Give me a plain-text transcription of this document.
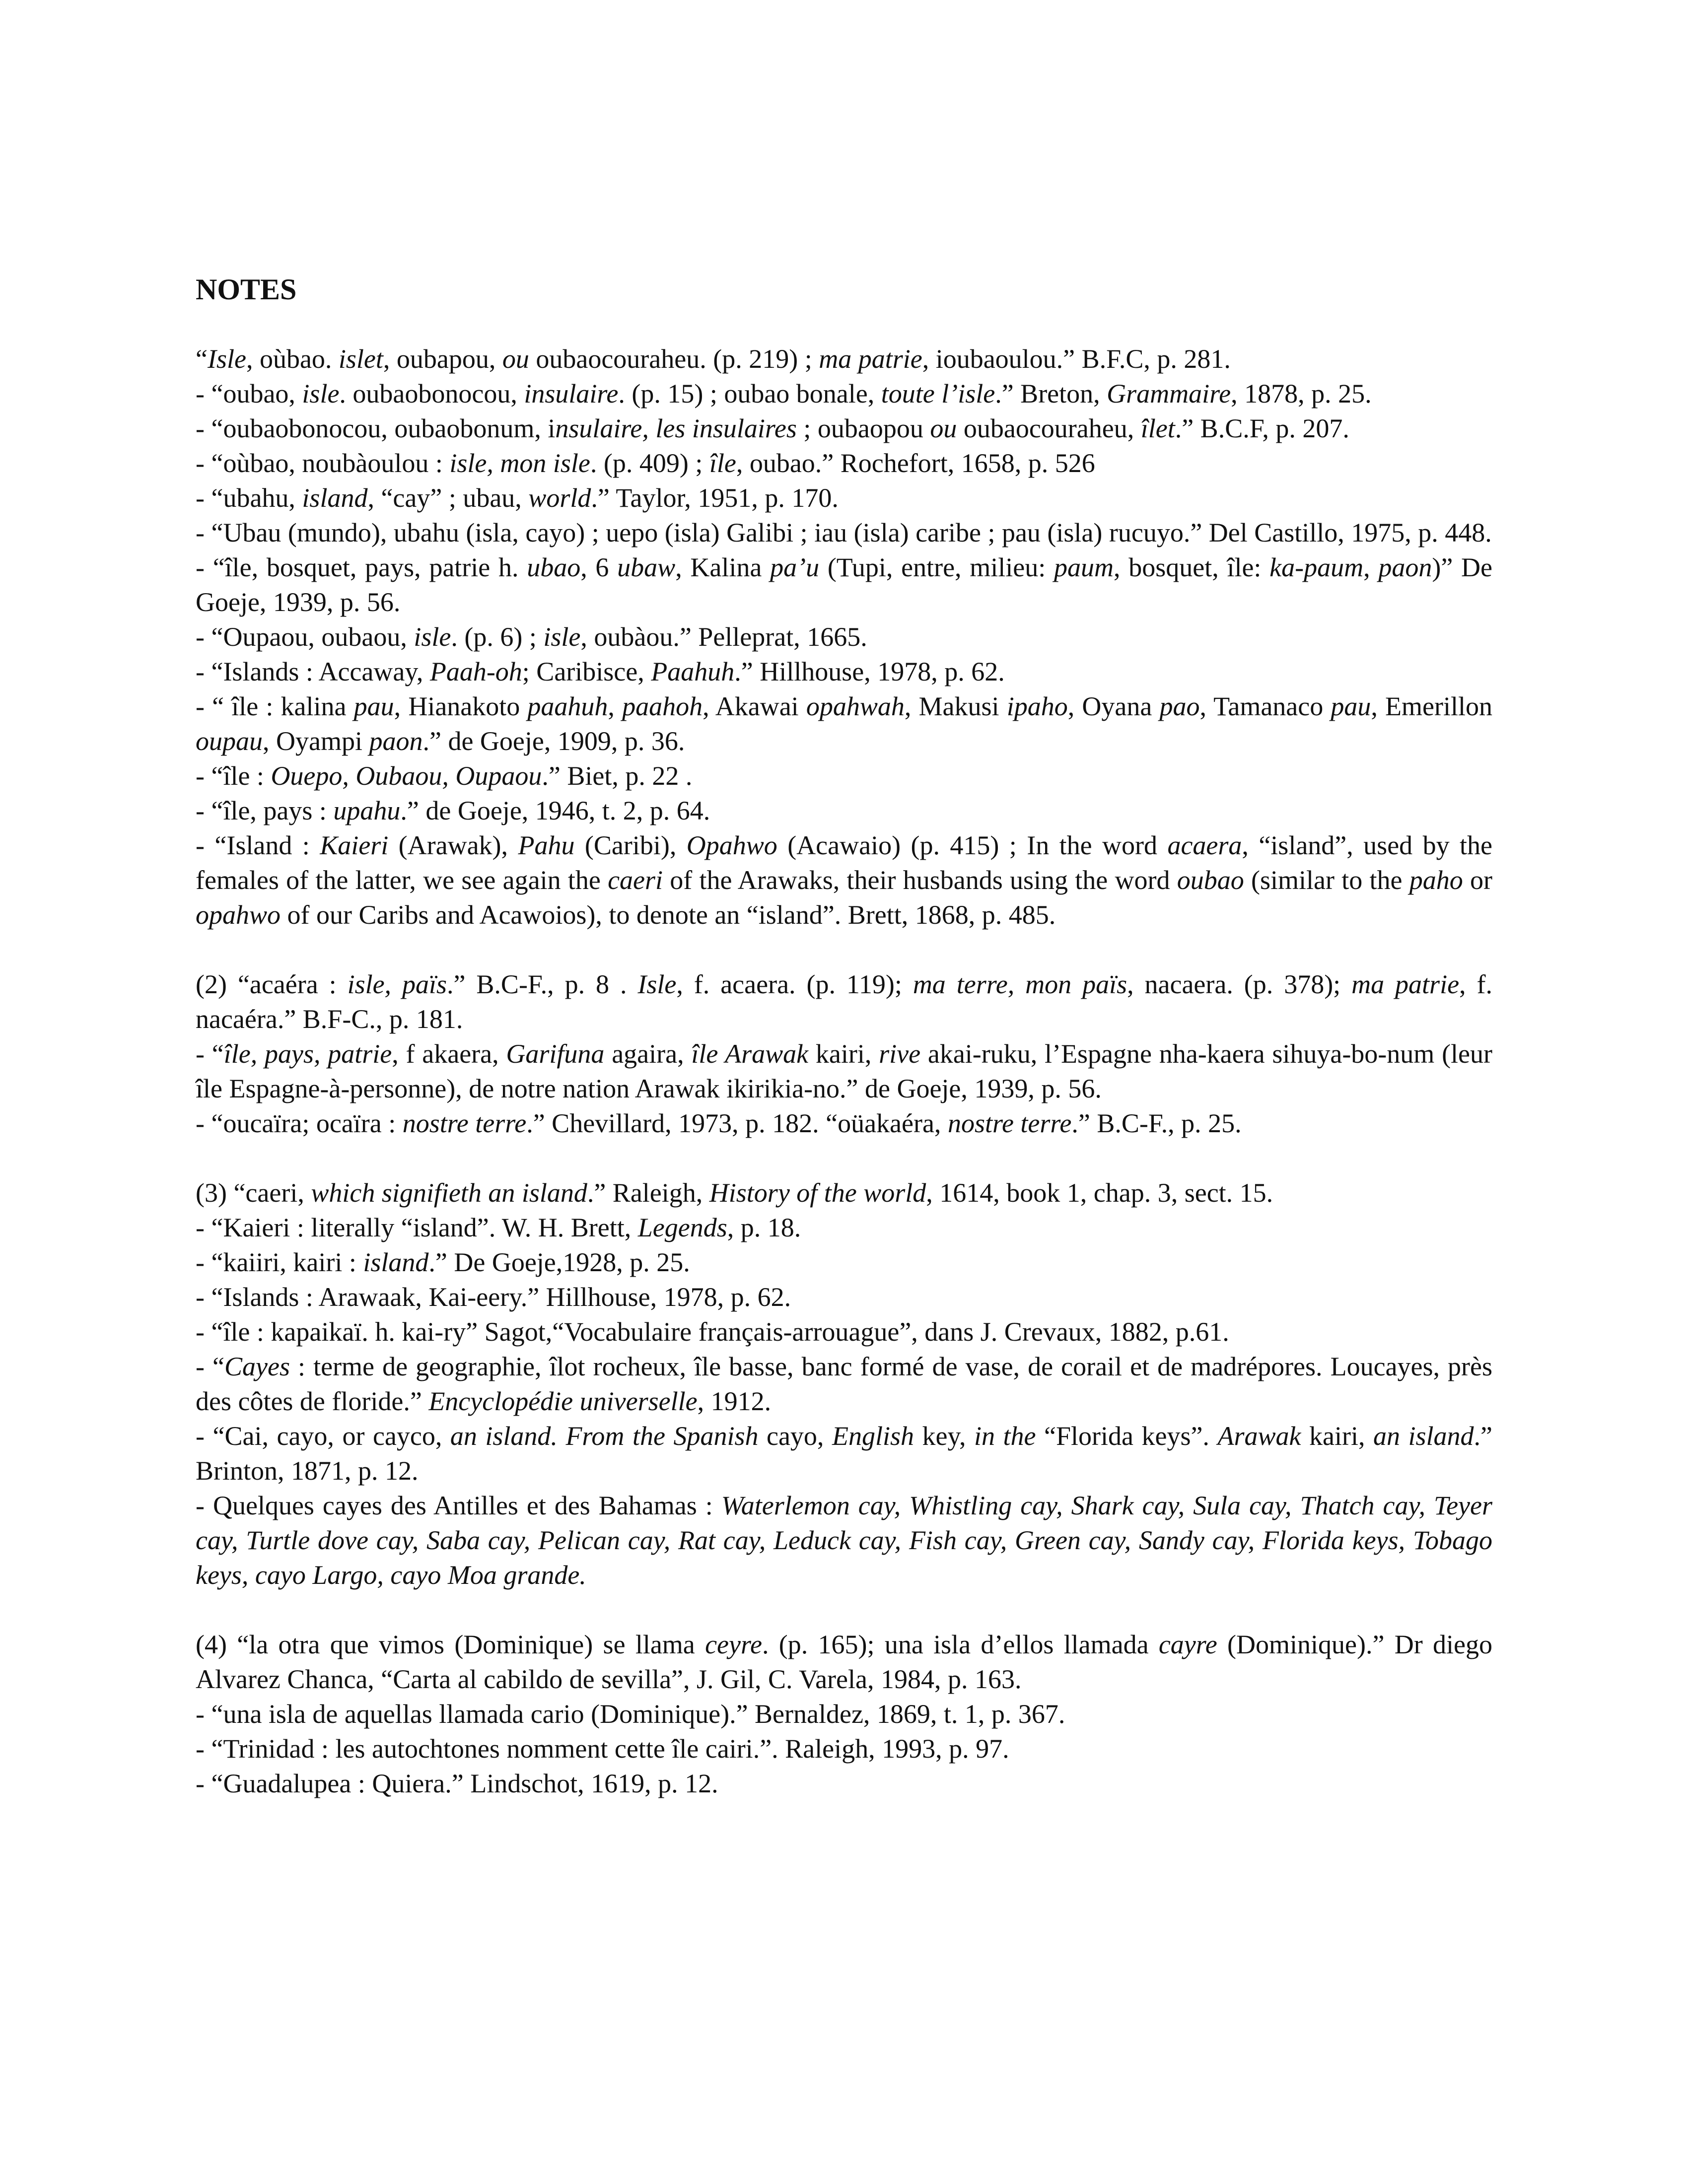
NOTES

“Isle, oùbao. islet, oubapou, ou oubaocouraheu. (p. 219) ; ma patrie, ioubaoulou.” B.F.C, p. 281.

- “oubao, isle. oubaobonocou, insulaire. (p. 15) ; oubao bonale, toute l’isle.” Breton, Grammaire, 1878, p. 25.

- “oubaobonocou, oubaobonum, insulaire, les insulaires ; oubaopou ou oubaocouraheu, îlet.” B.C.F, p. 207.

- “oùbao, noubàoulou : isle, mon isle. (p. 409) ; île, oubao.” Rochefort, 1658, p. 526

- “ubahu, island, “cay” ; ubau, world.” Taylor, 1951, p. 170.

- “Ubau (mundo), ubahu (isla, cayo) ; uepo (isla) Galibi ; iau (isla) caribe ; pau (isla) rucuyo.” Del Castillo, 1975, p. 448.

- “île, bosquet, pays, patrie h. ubao, 6 ubaw, Kalina pa’u (Tupi, entre, milieu: paum, bosquet, île: ka-paum, paon)” De Goeje, 1939, p. 56.

- “Oupaou, oubaou, isle. (p. 6) ; isle, oubàou.” Pelleprat, 1665.

- “Islands : Accaway, Paah-oh; Caribisce, Paahuh.” Hillhouse, 1978, p. 62.

- “ île : kalina pau, Hianakoto paahuh, paahoh, Akawai opahwah, Makusi ipaho, Oyana pao, Tamanaco pau, Emerillon oupau, Oyampi paon.” de Goeje, 1909, p. 36.

- “île : Ouepo, Oubaou, Oupaou.” Biet, p. 22 .

- “île, pays : upahu.” de Goeje, 1946, t. 2, p. 64.

- “Island : Kaieri (Arawak), Pahu (Caribi), Opahwo (Acawaio) (p. 415) ; In the word acaera, “island”, used by the females of the latter, we see again the caeri of the Arawaks, their husbands using the word oubao (similar to the paho or opahwo of our Caribs and Acawoios), to denote an “island”. Brett, 1868, p. 485.

(2) “acaéra : isle, païs.” B.C-F., p. 8 . Isle, f. acaera. (p. 119); ma terre, mon païs, nacaera. (p. 378); ma patrie, f. nacaéra.” B.F-C., p. 181.

- “île, pays, patrie, f akaera, Garifuna agaira, île Arawak kairi, rive akai-ruku, l’Espagne nha-kaera sihuya-bo-num (leur île Espagne-à-personne), de notre nation Arawak ikirikia-no.” de Goeje, 1939, p. 56.

- “oucaïra; ocaïra : nostre terre.” Chevillard, 1973, p. 182. “oüakaéra, nostre terre.” B.C-F., p. 25.

(3) “caeri, which signifieth an island.” Raleigh, History of the world, 1614, book 1, chap. 3, sect. 15.

- “Kaieri : literally “island”. W. H. Brett, Legends, p. 18.

- “kaiiri, kairi : island.” De Goeje,1928, p. 25.

- “Islands : Arawaak, Kai-eery.” Hillhouse, 1978, p. 62.

- “île : kapaikaï. h. kai-ry” Sagot,“Vocabulaire français-arrouague”, dans J. Crevaux, 1882, p.61.

- “Cayes : terme de geographie, îlot rocheux, île basse, banc formé de vase, de corail et de madrépores. Loucayes, près des côtes de floride.” Encyclopédie universelle, 1912.

- “Cai, cayo, or cayco, an island. From the Spanish cayo, English key, in the “Florida keys”. Arawak kairi, an island.” Brinton, 1871, p. 12.

- Quelques cayes des Antilles et des Bahamas : Waterlemon cay, Whistling cay, Shark cay, Sula cay, Thatch cay, Teyer cay, Turtle dove cay, Saba cay, Pelican cay, Rat cay, Leduck cay, Fish cay, Green cay, Sandy cay, Florida keys, Tobago keys, cayo Largo, cayo Moa grande.

(4) “la otra que vimos (Dominique) se llama ceyre. (p. 165); una isla d’ellos llamada cayre (Dominique).” Dr diego Alvarez Chanca, “Carta al cabildo de sevilla”, J. Gil, C. Varela, 1984, p. 163.

- “una isla de aquellas llamada cario (Dominique).” Bernaldez, 1869, t. 1, p. 367.

- “Trinidad : les autochtones nomment cette île cairi.”. Raleigh, 1993, p. 97.

- “Guadalupea : Quiera.” Lindschot, 1619, p. 12.
